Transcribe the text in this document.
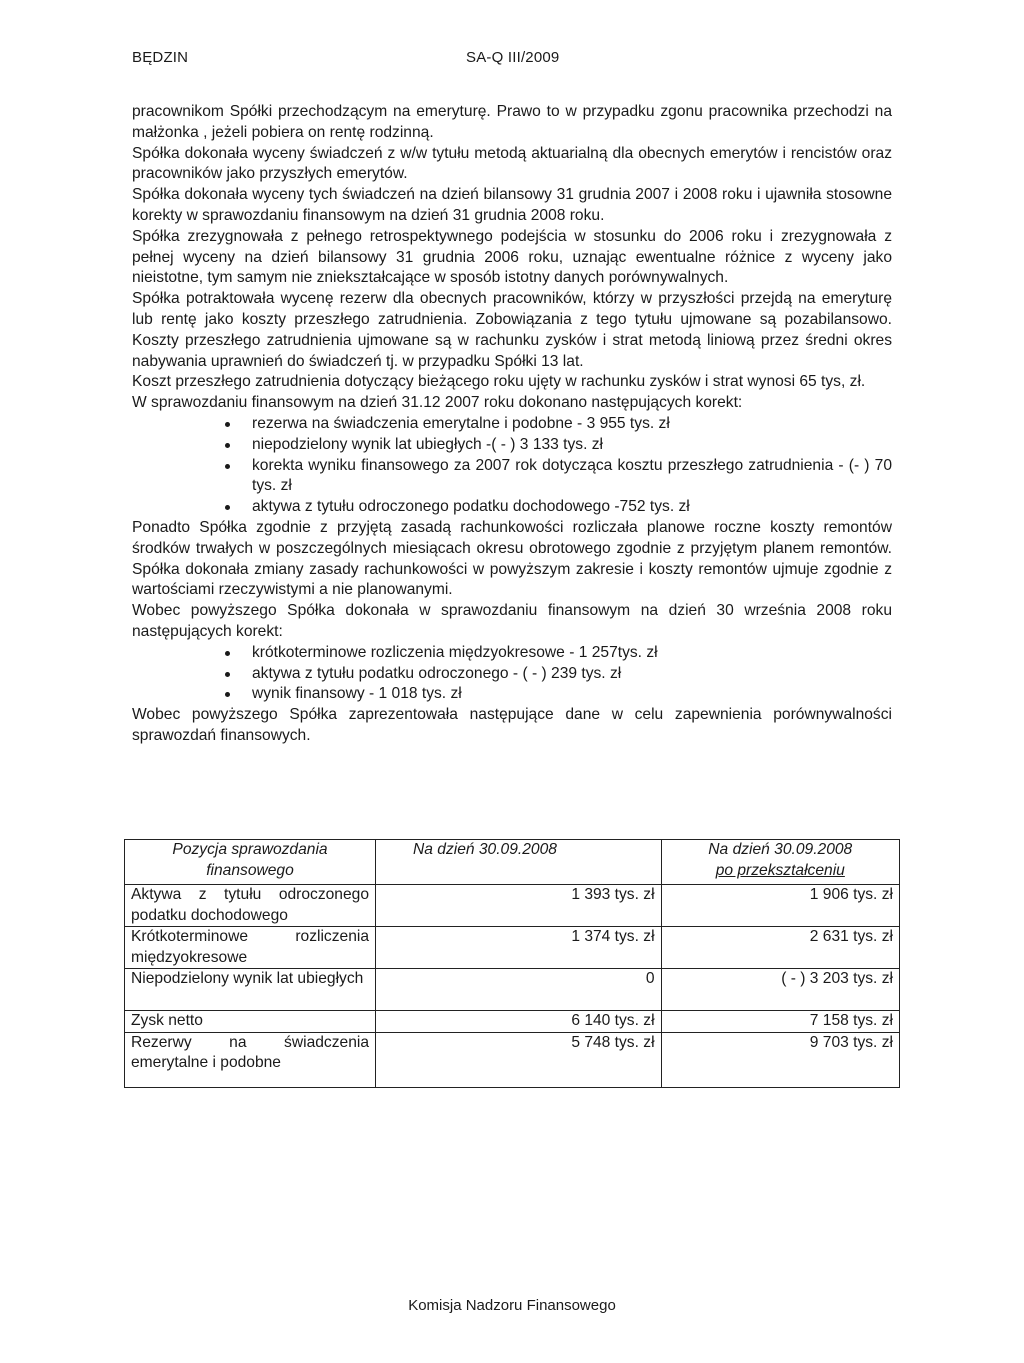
BĘDZIN	SA-Q III/2009

pracownikom Spółki przechodzącym na emeryturę. Prawo to w przypadku zgonu pracownika przechodzi na małżonka , jeżeli pobiera on rentę rodzinną.

Spółka dokonała wyceny świadczeń z w/w tytułu metodą aktuarialną dla obecnych emerytów i rencistów oraz pracowników jako przyszłych emerytów.

Spółka dokonała wyceny tych świadczeń na dzień bilansowy 31 grudnia 2007 i 2008 roku i ujawniła stosowne korekty w sprawozdaniu finansowym na dzień 31 grudnia 2008 roku.

Spółka zrezygnowała z pełnego retrospektywnego podejścia w stosunku do 2006 roku i zrezygnowała z pełnej wyceny na dzień bilansowy 31 grudnia 2006 roku, uznając ewentualne różnice z wyceny jako nieistotne, tym samym nie zniekształcające w sposób istotny danych porównywalnych.

Spółka potraktowała wycenę rezerw dla obecnych pracowników, którzy w przyszłości przejdą na emeryturę lub rentę jako koszty przeszłego zatrudnienia. Zobowiązania z tego tytułu ujmowane są pozabilansowo. Koszty przeszłego zatrudnienia ujmowane są w rachunku zysków i strat metodą liniową przez średni okres nabywania uprawnień do świadczeń tj. w przypadku Spółki 13 lat.

Koszt przeszłego zatrudnienia dotyczący bieżącego roku ujęty w rachunku zysków i strat wynosi 65 tys, zł.

W sprawozdaniu finansowym na dzień 31.12 2007 roku dokonano następujących korekt:

rezerwa na świadczenia emerytalne i podobne - 3 955 tys. zł
niepodzielony wynik lat ubiegłych -( - ) 3 133 tys. zł
korekta wyniku finansowego za 2007 rok dotycząca kosztu przeszłego zatrudnienia - (- ) 70 tys. zł
aktywa z tytułu odroczonego podatku dochodowego -752 tys. zł

Ponadto Spółka zgodnie z przyjętą zasadą rachunkowości rozliczała planowe roczne koszty remontów środków trwałych w poszczególnych miesiącach okresu obrotowego zgodnie z przyjętym planem remontów. Spółka dokonała zmiany zasady rachunkowości w powyższym zakresie i koszty remontów ujmuje zgodnie z wartościami rzeczywistymi a nie planowanymi.

Wobec powyższego Spółka dokonała w sprawozdaniu finansowym na dzień 30 września 2008 roku następujących korekt:

krótkoterminowe rozliczenia międzyokresowe - 1 257tys. zł
aktywa z tytułu podatku odroczonego - ( - ) 239 tys. zł
wynik finansowy - 1 018 tys. zł

Wobec powyższego Spółka zaprezentowała następujące dane w celu zapewnienia porównywalności sprawozdań finansowych.

Pozycja sprawozdania finansowego	Na dzień 30.09.2008	Na dzień 30.09.2008
po przekształceniu
Aktywa z tytułu odroczonego podatku dochodowego	1 393 tys. zł	1 906 tys. zł
Krótkoterminowe rozliczenia międzyokresowe	1 374 tys. zł	2 631 tys. zł
Niepodzielony wynik lat ubiegłych	0	( - ) 3 203 tys. zł
Zysk netto	6 140 tys. zł	7 158 tys. zł
Rezerwy na świadczenia emerytalne i podobne	5 748 tys. zł	9 703 tys. zł
Komisja Nadzoru Finansowego
